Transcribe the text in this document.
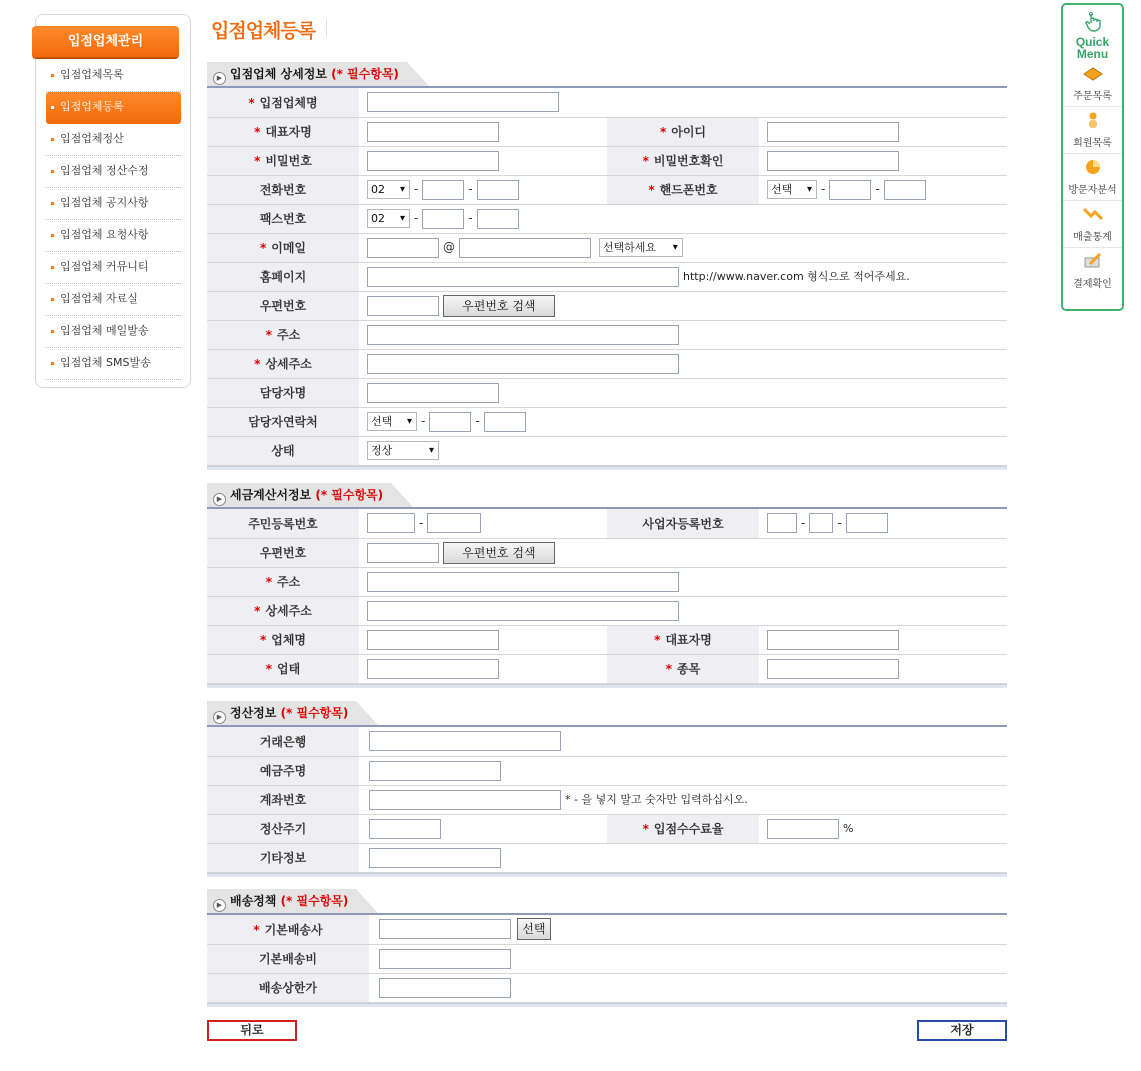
입점업체관리
입점업체목록
입점업체등록
입점업체정산
입점업체 정산수정
입점업체 공지사항
입점업체 요청사항
입점업체 커뮤니티
입점업체 자료실
입점업체 메일발송
입점업체 SMS발송
입점업체등록
▶ 입점업체 상세정보 (* 필수항목)
* 입점업체명	
* 대표자명		* 아이디	
* 비밀번호		* 비밀번호확인	
전화번호	02 ▾ - -	* 핸드폰번호	선택 ▾ - -
팩스번호	02 ▾ - -
* 이메일	@ 선택하세요 ▾
홈페이지	http://www.naver.com 형식으로 적어주세요.		
우편번호	우편번호 검색		
* 주소	
* 상세주소	
담당자명	
담당자연락처	선택 ▾ - -
상태	정상 ▾
▶ 세금계산서정보 (* 필수항목)
주민등록번호	-	사업자등록번호	- -
우편번호	우편번호 검색		
* 주소	
* 상세주소	
* 업체명		* 대표자명	
* 업태		* 종목	
▶ 정산정보 (* 필수항목)
거래은행	
예금주명	
계좌번호	* - 을 넣지 말고 숫자만 입력하십시오.		
정산주기		* 입점수수료율	%
기타정보	
▶ 배송정책 (* 필수항목)
* 기본배송사	선택
기본배송비	
배송상한가	
뒤로	저장
Quick
Menu
주문목록
회원목록
방문자분석
매출통계
결제확인
